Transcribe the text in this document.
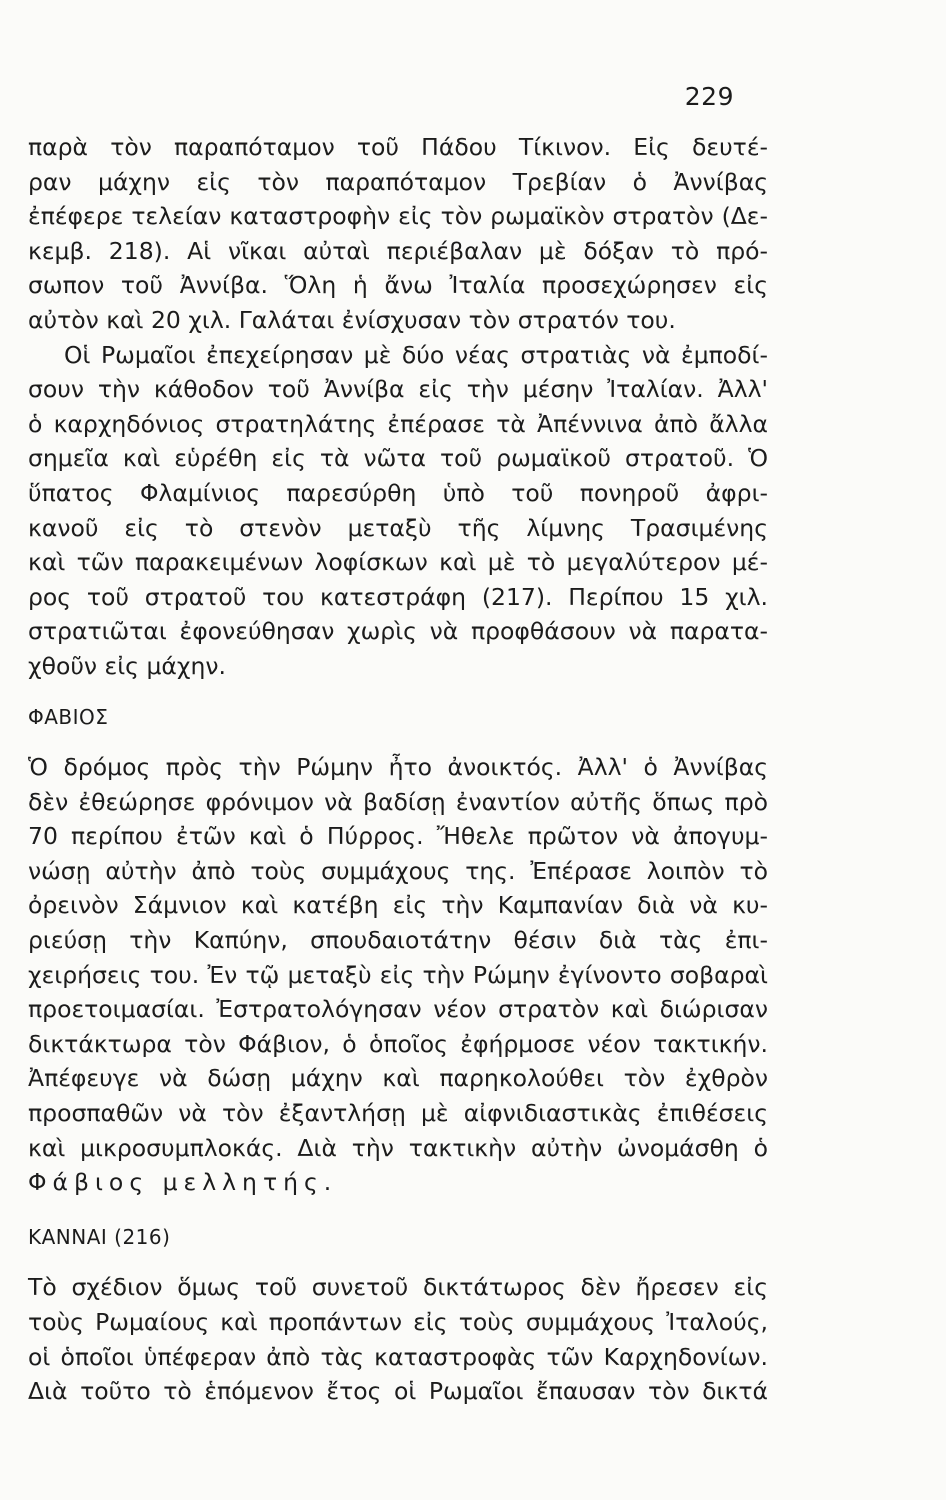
229
παρὰ τὸν παραπόταμον τοῦ Πάδου Τίκινον. Εἰς δευτέ-
ραν μάχην εἰς τὸν παραπόταμον Τρεβίαν ὁ Ἀννίβας
ἐπέφερε τελείαν καταστροφὴν εἰς τὸν ρωμαϊκὸν στρατὸν (Δε-
κεμβ. 218). Αἱ νῖκαι αὐταὶ περιέβαλαν μὲ δόξαν τὸ πρό-
σωπον τοῦ Ἀννίβα. Ὅλη ἡ ἄνω Ἰταλία προσεχώρησεν εἰς
αὐτὸν καὶ 20 χιλ. Γαλάται ἐνίσχυσαν τὸν στρατόν του.
Οἱ Ρωμαῖοι ἐπεχείρησαν μὲ δύο νέας στρατιὰς νὰ ἐμποδί-
σουν τὴν κάθοδον τοῦ Ἀννίβα εἰς τὴν μέσην Ἰταλίαν. Ἀλλ'
ὁ καρχηδόνιος στρατηλάτης ἐπέρασε τὰ Ἀπέννινα ἀπὸ ἄλλα
σημεῖα καὶ εὑρέθη εἰς τὰ νῶτα τοῦ ρωμαϊκοῦ στρατοῦ. Ὁ
ὕπατος Φλαμίνιος παρεσύρθη ὑπὸ τοῦ πονηροῦ ἀφρι-
κανοῦ εἰς τὸ στενὸν μεταξὺ τῆς λίμνης Τρασιμένης
καὶ τῶν παρακειμένων λοφίσκων καὶ μὲ τὸ μεγαλύτερον μέ-
ρος τοῦ στρατοῦ του κατεστράφη (217). Περίπου 15 χιλ.
στρατιῶται ἐφονεύθησαν χωρὶς νὰ προφθάσουν νὰ παρατα-
χθοῦν εἰς μάχην.
ΦΑΒΙΟΣ
Ὁ δρόμος πρὸς τὴν Ρώμην ἦτο ἀνοικτός. Ἀλλ' ὁ Ἀννίβας
δὲν ἐθεώρησε φρόνιμον νὰ βαδίσῃ ἐναντίον αὐτῆς ὅπως πρὸ
70 περίπου ἐτῶν καὶ ὁ Πύρρος. Ἤθελε πρῶτον νὰ ἀπογυμ-
νώσῃ αὐτὴν ἀπὸ τοὺς συμμάχους της. Ἐπέρασε λοιπὸν τὸ
ὀρεινὸν Σάμνιον καὶ κατέβη εἰς τὴν Καμπανίαν διὰ νὰ κυ-
ριεύσῃ τὴν Καπύην, σπουδαιοτάτην θέσιν διὰ τὰς ἐπι-
χειρήσεις του. Ἐν τῷ μεταξὺ εἰς τὴν Ρώμην ἐγίνοντο σοβαραὶ
προετοιμασίαι. Ἐστρατολόγησαν νέον στρατὸν καὶ διώρισαν
δικτάκτωρα τὸν Φάβιον, ὁ ὁποῖος ἐφήρμοσε νέον τακτικήν.
Ἀπέφευγε νὰ δώσῃ μάχην καὶ παρηκολούθει τὸν ἐχθρὸν
προσπαθῶν νὰ τὸν ἐξαντλήσῃ μὲ αἰφνιδιαστικὰς ἐπιθέσεις
καὶ μικροσυμπλοκάς. Διὰ τὴν τακτικὴν αὐτὴν ὠνομάσθη ὁ
Φάβιος μελλητής.
ΚΑΝΝΑΙ (216)
Τὸ σχέδιον ὅμως τοῦ συνετοῦ δικτάτωρος δὲν ἤρεσεν εἰς
τοὺς Ρωμαίους καὶ προπάντων εἰς τοὺς συμμάχους Ἰταλούς,
οἱ ὁποῖοι ὑπέφεραν ἀπὸ τὰς καταστροφὰς τῶν Καρχηδονίων.
Διὰ τοῦτο τὸ ἑπόμενον ἔτος οἱ Ρωμαῖοι ἔπαυσαν τὸν δικτά
